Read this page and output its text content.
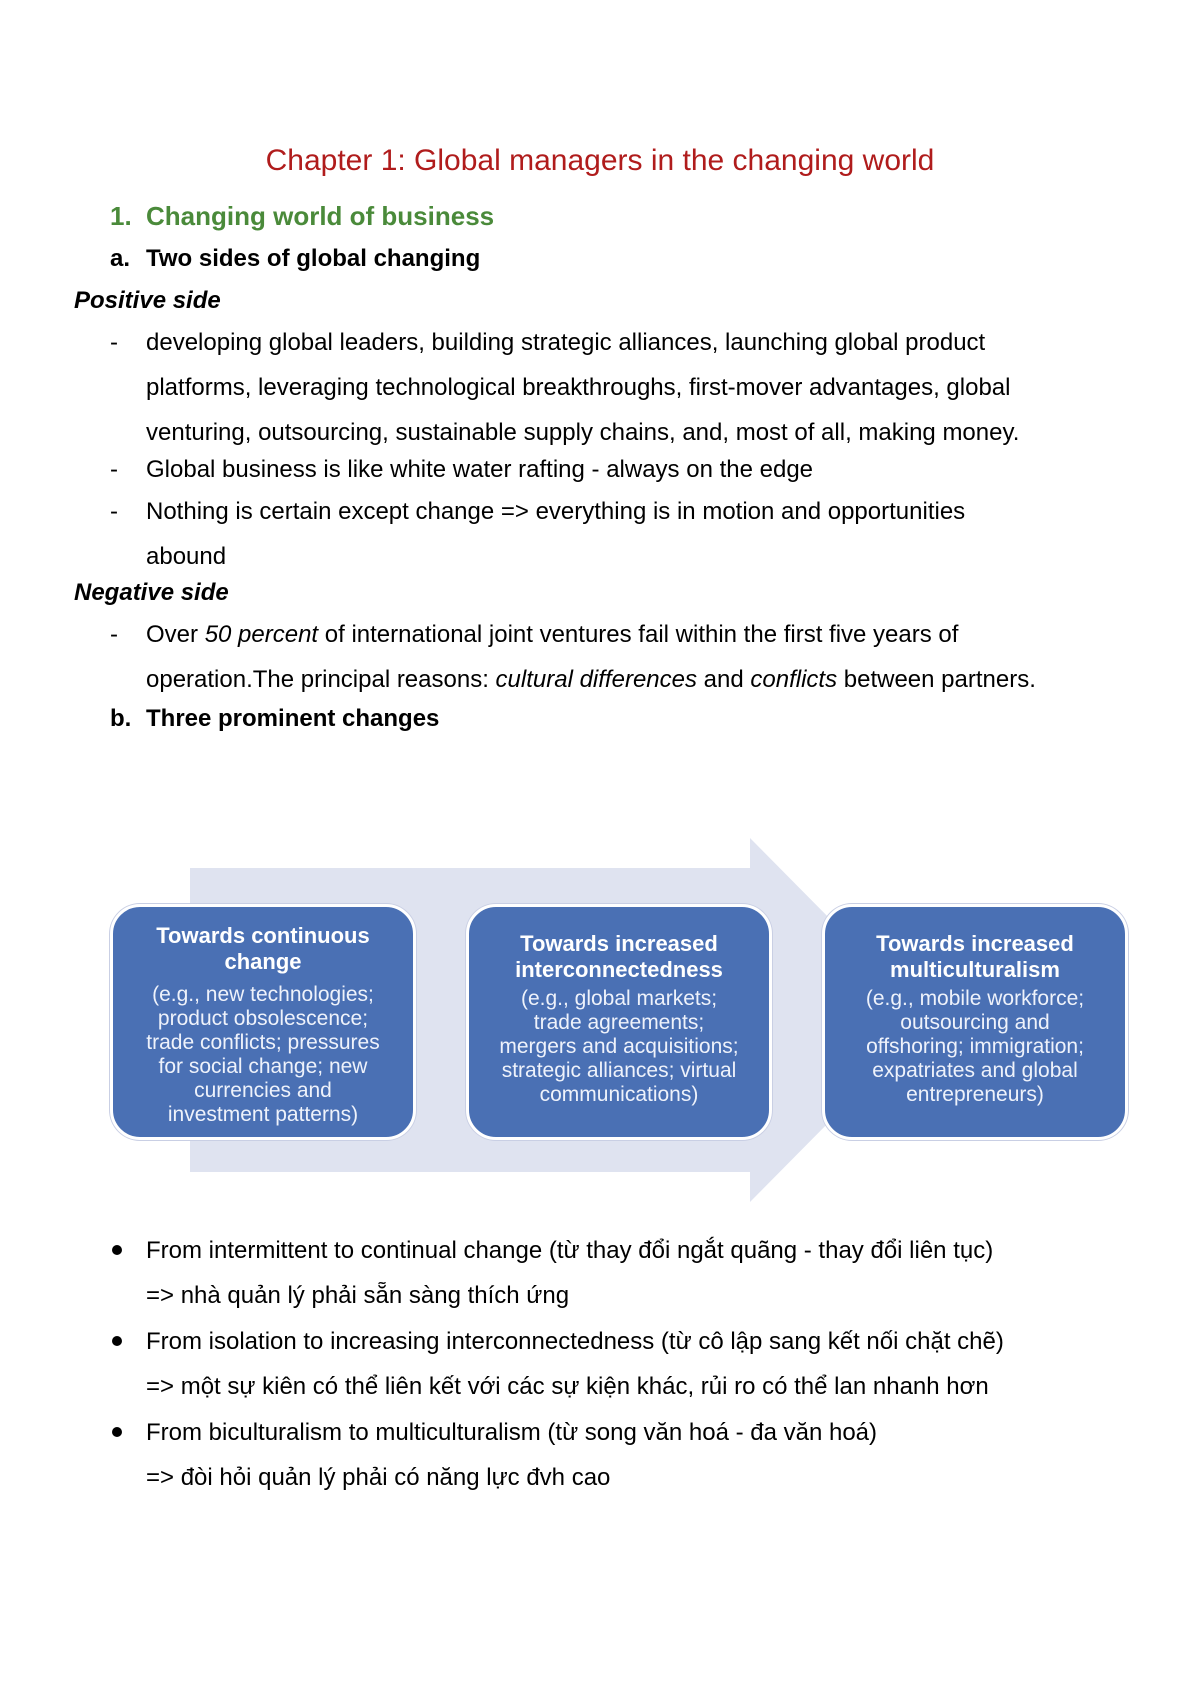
Chapter 1: Global managers in the changing world
1. Changing world of business
a. Two sides of global changing
Positive side
- developing global leaders, building strategic alliances, launching global product
platforms, leveraging technological breakthroughs, first-mover advantages, global
venturing, outsourcing, sustainable supply chains, and, most of all, making money.
- Global business is like white water rafting - always on the edge
- Nothing is certain except change => everything is in motion and opportunities
abound
Negative side
- Over 50 percent of international joint ventures fail within the first five years of
operation.The principal reasons: cultural differences and conflicts between partners.
b. Three prominent changes
Towards continuous
change
(e.g., new technologies;
product obsolescence;
trade conflicts; pressures
for social change; new
currencies and
investment patterns)
Towards increased
interconnectedness
(e.g., global markets;
trade agreements;
mergers and acquisitions;
strategic alliances; virtual
communications)
Towards increased
multiculturalism
(e.g., mobile workforce;
outsourcing and
offshoring; immigration;
expatriates and global
entrepreneurs)
From intermittent to continual change (từ thay đổi ngắt quãng - thay đổi liên tục)
=> nhà quản lý phải sẵn sàng thích ứng
From isolation to increasing interconnectedness (từ cô lập sang kết nối chặt chẽ)
=> một sự kiên có thể liên kết với các sự kiện khác, rủi ro có thể lan nhanh hơn
From biculturalism to multiculturalism (từ song văn hoá - đa văn hoá)
=> đòi hỏi quản lý phải có năng lực đvh cao
